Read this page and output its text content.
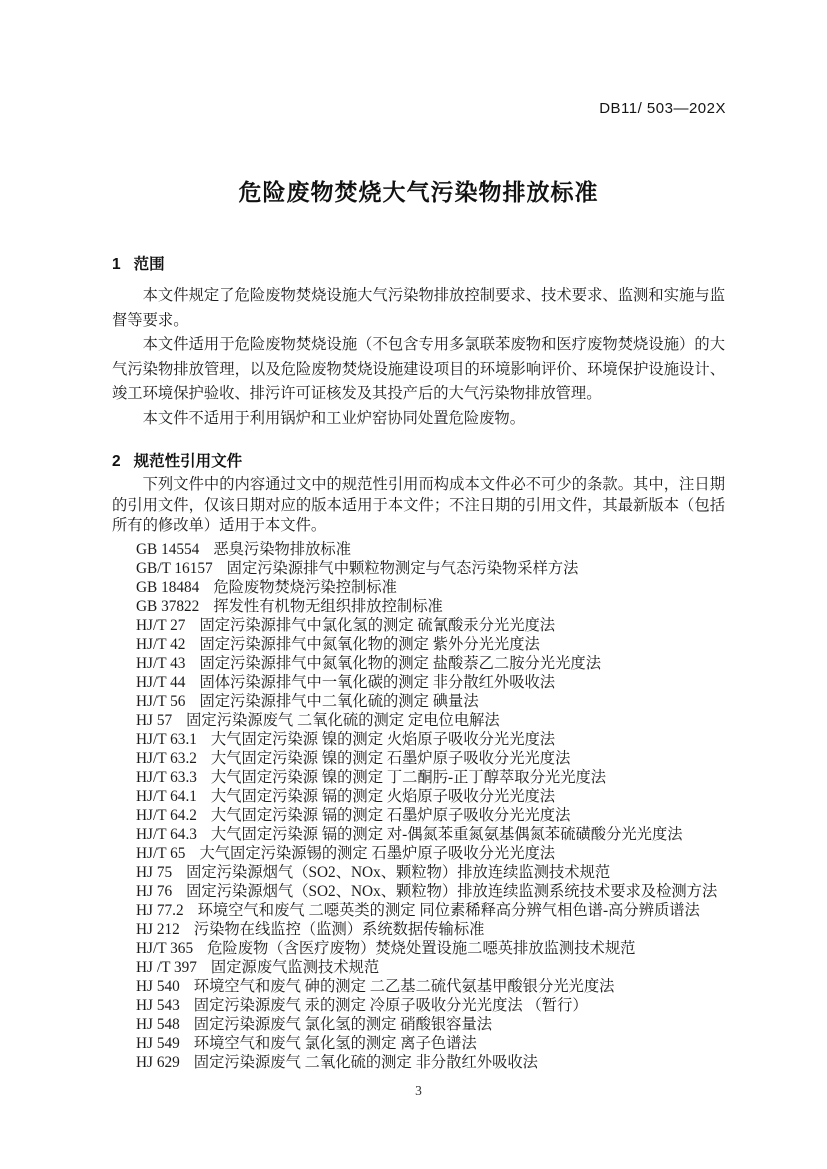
DB11/ 503—202X
危险废物焚烧大气污染物排放标准
1 范围

本文件规定了危险废物焚烧设施大气污染物排放控制要求、技术要求、监测和实施与监督等要求。

本文件适用于危险废物焚烧设施（不包含专用多氯联苯废物和医疗废物焚烧设施）的大气污染物排放管理，以及危险废物焚烧设施建设项目的环境影响评价、环境保护设施设计、竣工环境保护验收、排污许可证核发及其投产后的大气污染物排放管理。

本文件不适用于利用锅炉和工业炉窑协同处置危险废物。

2 规范性引用文件

下列文件中的内容通过文中的规范性引用而构成本文件必不可少的条款。其中，注日期的引用文件，仅该日期对应的版本适用于本文件；不注日期的引用文件，其最新版本（包括所有的修改单）适用于本文件。

GB 14554 恶臭污染物排放标准
GB/T 16157 固定污染源排气中颗粒物测定与气态污染物采样方法
GB 18484 危险废物焚烧污染控制标准
GB 37822 挥发性有机物无组织排放控制标准
HJ/T 27 固定污染源排气中氯化氢的测定 硫氰酸汞分光光度法
HJ/T 42 固定污染源排气中氮氧化物的测定 紫外分光光度法
HJ/T 43 固定污染源排气中氮氧化物的测定 盐酸萘乙二胺分光光度法
HJ/T 44 固体污染源排气中一氧化碳的测定 非分散红外吸收法
HJ/T 56 固定污染源排气中二氧化硫的测定 碘量法
HJ 57 固定污染源废气 二氧化硫的测定 定电位电解法
HJ/T 63.1 大气固定污染源 镍的测定 火焰原子吸收分光光度法
HJ/T 63.2 大气固定污染源 镍的测定 石墨炉原子吸收分光光度法
HJ/T 63.3 大气固定污染源 镍的测定 丁二酮肟-正丁醇萃取分光光度法
HJ/T 64.1 大气固定污染源 镉的测定 火焰原子吸收分光光度法
HJ/T 64.2 大气固定污染源 镉的测定 石墨炉原子吸收分光光度法
HJ/T 64.3 大气固定污染源 镉的测定 对-偶氮苯重氮氨基偶氮苯硫磺酸分光光度法
HJ/T 65 大气固定污染源锡的测定 石墨炉原子吸收分光光度法
HJ 75 固定污染源烟气（SO2、NOx、颗粒物）排放连续监测技术规范
HJ 76 固定污染源烟气（SO2、NOx、颗粒物）排放连续监测系统技术要求及检测方法
HJ 77.2 环境空气和废气 二噁英类的测定 同位素稀释高分辨气相色谱-高分辨质谱法
HJ 212 污染物在线监控（监测）系统数据传输标准
HJ/T 365 危险废物（含医疗废物）焚烧处置设施二噁英排放监测技术规范
HJ /T 397 固定源废气监测技术规范
HJ 540 环境空气和废气 砷的测定 二乙基二硫代氨基甲酸银分光光度法
HJ 543 固定污染源废气 汞的测定 冷原子吸收分光光度法 （暂行）
HJ 548 固定污染源废气 氯化氢的测定 硝酸银容量法
HJ 549 环境空气和废气 氯化氢的测定 离子色谱法
HJ 629 固定污染源废气 二氧化硫的测定 非分散红外吸收法
3
